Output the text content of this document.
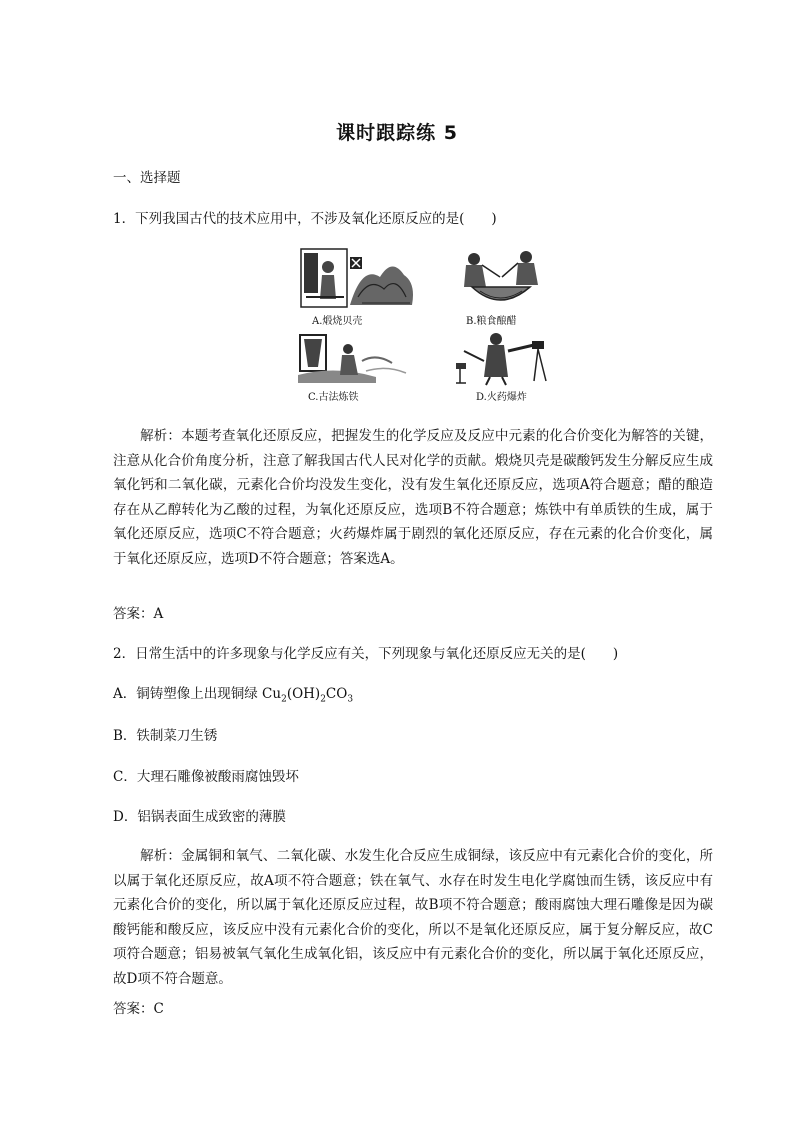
课时跟踪练 5
一、选择题
1．下列我国古代的技术应用中，不涉及氧化还原反应的是(　　)
A.煅烧贝壳	B.粮食酿醋
C.古法炼铁	D.火药爆炸
解析：本题考查氧化还原反应，把握发生的化学反应及反应中元素的化合价变化为解答的关键，注意从化合价角度分析，注意了解我国古代人民对化学的贡献。煅烧贝壳是碳酸钙发生分解反应生成氧化钙和二氧化碳，元素化合价均没发生变化，没有发生氧化还原反应，选项A符合题意；醋的酿造存在从乙醇转化为乙酸的过程，为氧化还原反应，选项B不符合题意；炼铁中有单质铁的生成，属于氧化还原反应，选项C不符合题意；火药爆炸属于剧烈的氧化还原反应，存在元素的化合价变化，属于氧化还原反应，选项D不符合题意；答案选A。
答案：A
2．日常生活中的许多现象与化学反应有关，下列现象与氧化还原反应无关的是(　　)
A．铜铸塑像上出现铜绿 $Cu_2(OH)_2CO_3$
B．铁制菜刀生锈
C．大理石雕像被酸雨腐蚀毁坏
D．铝锅表面生成致密的薄膜
解析：金属铜和氧气、二氧化碳、水发生化合反应生成铜绿，该反应中有元素化合价的变化，所以属于氧化还原反应，故A项不符合题意；铁在氧气、水存在时发生电化学腐蚀而生锈，该反应中有元素化合价的变化，所以属于氧化还原反应过程，故B项不符合题意；酸雨腐蚀大理石雕像是因为碳酸钙能和酸反应，该反应中没有元素化合价的变化，所以不是氧化还原反应，属于复分解反应，故C项符合题意；铝易被氧气氧化生成氧化铝，该反应中有元素化合价的变化，所以属于氧化还原反应，故D项不符合题意。
答案：C
